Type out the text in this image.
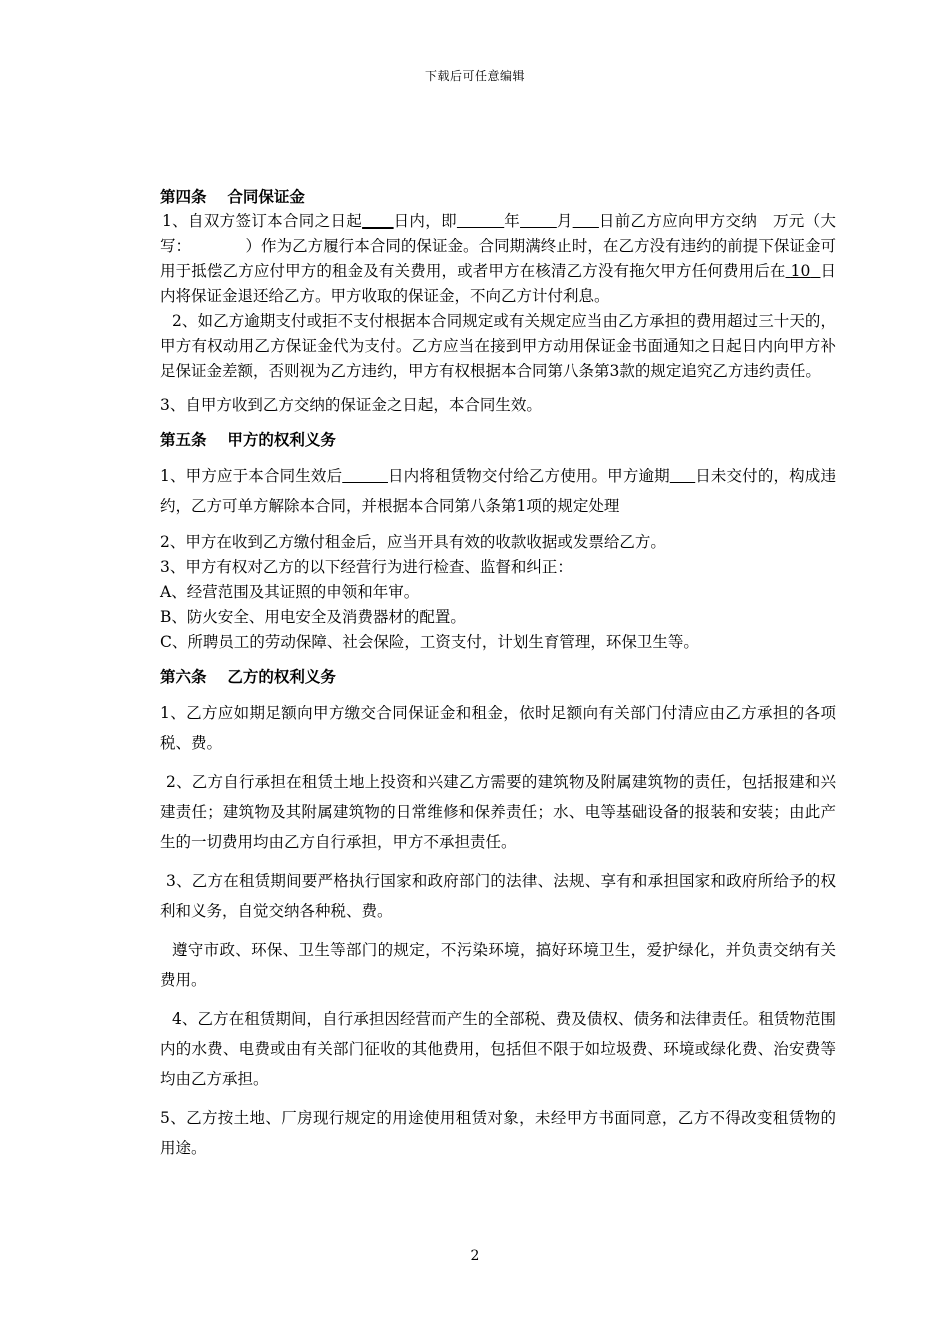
下载后可任意编辑

第四条　 合同保证金

1、自双方签订本合同之日起 日内，即	年 月 日前乙方应向甲方交纳　万元（大写：　　　　）作为乙方履行本合同的保证金。合同期满终止时，在乙方没有违约的前提下保证金可用于抵偿乙方应付甲方的租金及有关费用，或者甲方在核清乙方没有拖欠甲方任何费用后在 10 日内将保证金退还给乙方。甲方收取的保证金，不向乙方计付利息。

2、如乙方逾期支付或拒不支付根据本合同规定或有关规定应当由乙方承担的费用超过三十天的，甲方有权动用乙方保证金代为支付。乙方应当在接到甲方动用保证金书面通知之日起日内向甲方补足保证金差额，否则视为乙方违约，甲方有权根据本合同第八条第3款的规定追究乙方违约责任。

3、自甲方收到乙方交纳的保证金之日起，本合同生效。

第五条　 甲方的权利义务

1、甲方应于本合同生效后	日内将租赁物交付给乙方使用。甲方逾期 日未交付的，构成违约，乙方可单方解除本合同，并根据本合同第八条第1项的规定处理

2、甲方在收到乙方缴付租金后，应当开具有效的收款收据或发票给乙方。

3、甲方有权对乙方的以下经营行为进行检查、监督和纠正：

A、经营范围及其证照的申领和年审。

B、防火安全、用电安全及消费器材的配置。

C、所聘员工的劳动保障、社会保险，工资支付，计划生育管理，环保卫生等。

第六条　 乙方的权利义务

1、乙方应如期足额向甲方缴交合同保证金和租金，依时足额向有关部门付清应由乙方承担的各项税、费。

2、乙方自行承担在租赁土地上投资和兴建乙方需要的建筑物及附属建筑物的责任，包括报建和兴建责任；建筑物及其附属建筑物的日常维修和保养责任；水、电等基础设备的报装和安装；由此产生的一切费用均由乙方自行承担，甲方不承担责任。

3、乙方在租赁期间要严格执行国家和政府部门的法律、法规、享有和承担国家和政府所给予的权利和义务，自觉交纳各种税、费。

遵守市政、环保、卫生等部门的规定，不污染环境，搞好环境卫生，爱护绿化，并负责交纳有关费用。

4、乙方在租赁期间，自行承担因经营而产生的全部税、费及债权、债务和法律责任。租赁物范围内的水费、电费或由有关部门征收的其他费用，包括但不限于如垃圾费、环境或绿化费、治安费等均由乙方承担。

5、乙方按土地、厂房现行规定的用途使用租赁对象，未经甲方书面同意，乙方不得改变租赁物的用途。

2
